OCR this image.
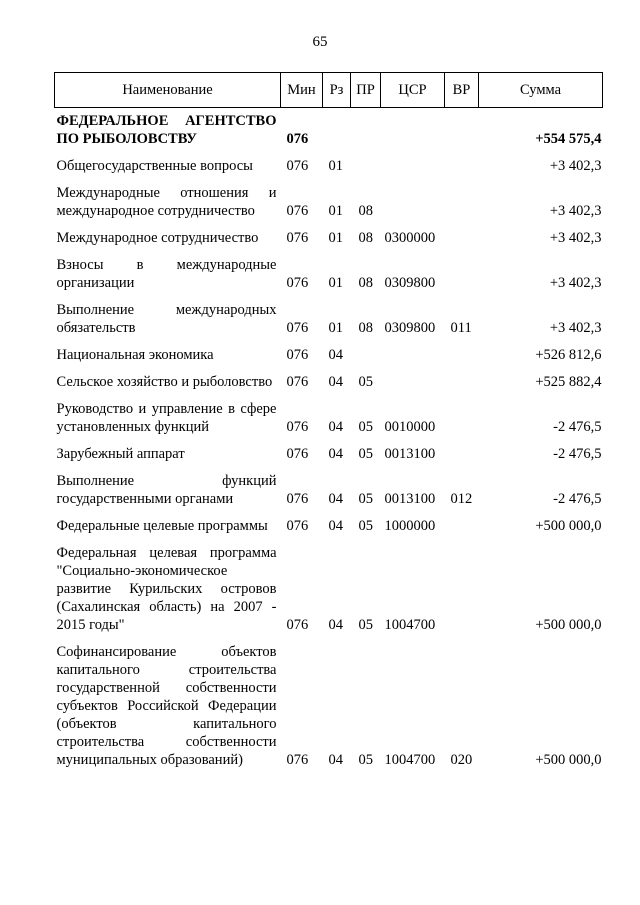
65
Наименование	Мин	Рз	ПР	ЦСР	ВР	Сумма
ФЕДЕРАЛЬНОЕ АГЕНТСТВО ПО РЫБОЛОВСТВУ	076					+554 575,4
Общегосударственные вопросы	076	01				+3 402,3
Международные отношения и международное сотрудничество	076	01	08			+3 402,3
Международное сотрудничество	076	01	08	0300000		+3 402,3
Взносы в международные организации	076	01	08	0309800		+3 402,3
Выполнение международных обязательств	076	01	08	0309800	011	+3 402,3
Национальная экономика	076	04				+526 812,6
Сельское хозяйство и рыболовство	076	04	05			+525 882,4
Руководство и управление в сфере установленных функций	076	04	05	0010000		-2 476,5
Зарубежный аппарат	076	04	05	0013100		-2 476,5
Выполнение функций государственными органами	076	04	05	0013100	012	-2 476,5
Федеральные целевые программы	076	04	05	1000000		+500 000,0
Федеральная целевая программа "Социально-экономическое развитие Курильских островов (Сахалинская область) на 2007 - 2015 годы"	076	04	05	1004700		+500 000,0
Софинансирование объектов капитального строительства государственной собственности субъектов Российской Федерации (объектов капитального строительства собственности муниципальных образований)	076	04	05	1004700	020	+500 000,0
